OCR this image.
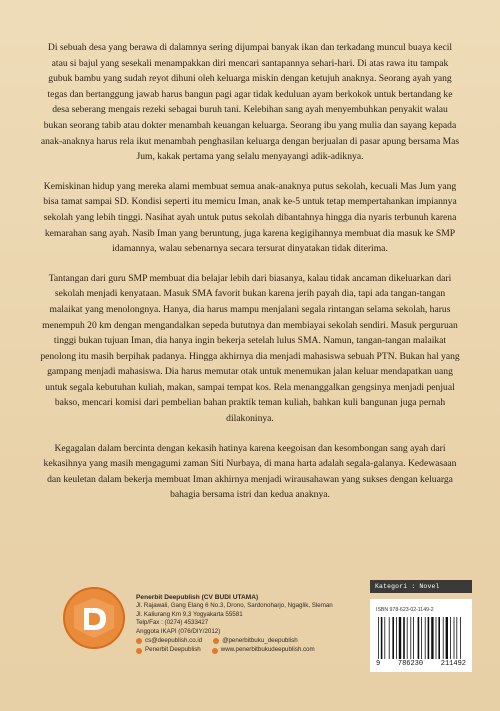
Di sebuah desa yang berawa di dalamnya sering dijumpai banyak ikan dan terkadang muncul buaya kecil atau si bajul yang sesekali menampakkan diri mencari santapannya sehari-hari. Di atas rawa itu tampak gubuk bambu yang sudah reyot dihuni oleh keluarga miskin dengan ketujuh anaknya. Seorang ayah yang tegas dan bertanggung jawab harus bangun pagi agar tidak keduluan ayam berkokok untuk bertandang ke desa seberang mengais rezeki sebagai buruh tani. Kelebihan sang ayah menyembuhkan penyakit walau bukan seorang tabib atau dokter menambah keuangan keluarga. Seorang ibu yang mulia dan sayang kepada anak-anaknya harus rela ikut menambah penghasilan keluarga dengan berjualan di pasar apung bersama Mas Jum, kakak pertama yang selalu menyayangi adik-adiknya.

Kemiskinan hidup yang mereka alami membuat semua anak-anaknya putus sekolah, kecuali Mas Jum yang bisa tamat sampai SD. Kondisi seperti itu memicu Iman, anak ke-5 untuk tetap mempertahankan impiannya sekolah yang lebih tinggi. Nasihat ayah untuk putus sekolah dibantahnya hingga dia nyaris terbunuh karena kemarahan sang ayah. Nasib Iman yang beruntung, juga karena kegigihannya membuat dia masuk ke SMP idamannya, walau sebenarnya secara tersurat dinyatakan tidak diterima.

Tantangan dari guru SMP membuat dia belajar lebih dari biasanya, kalau tidak ancaman dikeluarkan dari sekolah menjadi kenyataan. Masuk SMA favorit bukan karena jerih payah dia, tapi ada tangan-tangan malaikat yang menolongnya. Hanya, dia harus mampu menjalani segala rintangan selama sekolah, harus menempuh 20 km dengan mengandalkan sepeda bututnya dan membiayai sekolah sendiri. Masuk perguruan tinggi bukan tujuan Iman, dia hanya ingin bekerja setelah lulus SMA. Namun, tangan-tangan malaikat penolong itu masih berpihak padanya. Hingga akhirnya dia menjadi mahasiswa sebuah PTN. Bukan hal yang gampang menjadi mahasiswa. Dia harus memutar otak untuk menemukan jalan keluar mendapatkan uang untuk segala kebutuhan kuliah, makan, sampai tempat kos. Rela menanggalkan gengsinya menjadi penjual bakso, mencari komisi dari pembelian bahan praktik teman kuliah, bahkan kuli bangunan juga pernah dilakoninya.

Kegagalan dalam bercinta dengan kekasih hatinya karena keegoisan dan kesombongan sang ayah dari kekasihnya yang masih mengagumi zaman Siti Nurbaya, di mana harta adalah segala-galanya. Kedewasaan dan keuletan dalam bekerja membuat Iman akhirnya menjadi wirausahawan yang sukses dengan keluarga bahagia bersama istri dan kedua anaknya.

Penerbit Deepublish (CV BUDI UTAMA)
Jl. Rajawali, Gang Elang 6 No.3, Drono, Sardonoharjo, Ngaglik, Sleman
Jl. Kaliurang Km 9,3 Yogyakarta 55581
Telp/Fax : (0274) 4533427
Anggota IKAPI (076/DIY/2012)
cs@deepublish.co.id	@penerbitbuku_deepublish
Penerbit Deepublish	www.penerbitbukudeepublish.com
Kategori : Novel
ISBN 978-623-02-1149-2
9	786230	211492
